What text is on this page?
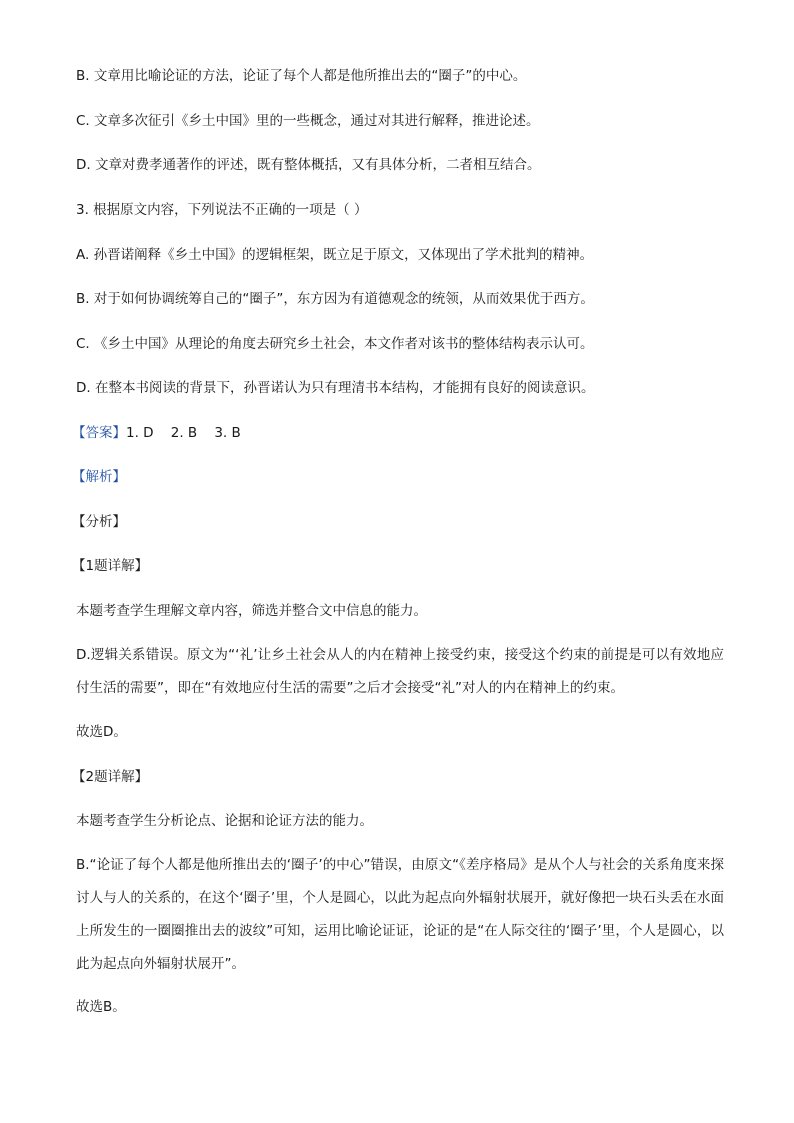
B. 文章用比喻论证的方法，论证了每个人都是他所推出去的“圈子”的中心。
C. 文章多次征引《乡土中国》里的一些概念，通过对其进行解释，推进论述。
D. 文章对费孝通著作的评述，既有整体概括，又有具体分析，二者相互结合。
3. 根据原文内容，下列说法不正确的一项是（ ）
A. 孙晋诺阐释《乡土中国》的逻辑框架，既立足于原文，又体现出了学术批判的精神。
B. 对于如何协调统筹自己的“圈子”，东方因为有道德观念的统领，从而效果优于西方。
C. 《乡土中国》从理论的角度去研究乡土社会，本文作者对该书的整体结构表示认可。
D. 在整本书阅读的背景下，孙晋诺认为只有理清书本结构，才能拥有良好的阅读意识。
【答案】1. D    2. B    3. B
【解析】
【分析】
【1题详解】
本题考查学生理解文章内容，筛选并整合文中信息的能力。
D.逻辑关系错误。原文为“‘礼’让乡土社会从人的内在精神上接受约束，接受这个约束的前提是可以有效地应付生活的需要”，即在“有效地应付生活的需要”之后才会接受“礼”对人的内在精神上的约束。
故选D。
【2题详解】
本题考查学生分析论点、论据和论证方法的能力。
B.“论证了每个人都是他所推出去的‘圈子’的中心”错误，由原文“《差序格局》是从个人与社会的关系角度来探讨人与人的关系的，在这个‘圈子’里，个人是圆心，以此为起点向外辐射状展开，就好像把一块石头丢在水面上所发生的一圈圈推出去的波纹”可知，运用比喻论证证，论证的是“在人际交往的‘圈子’里，个人是圆心，以此为起点向外辐射状展开”。
故选B。
